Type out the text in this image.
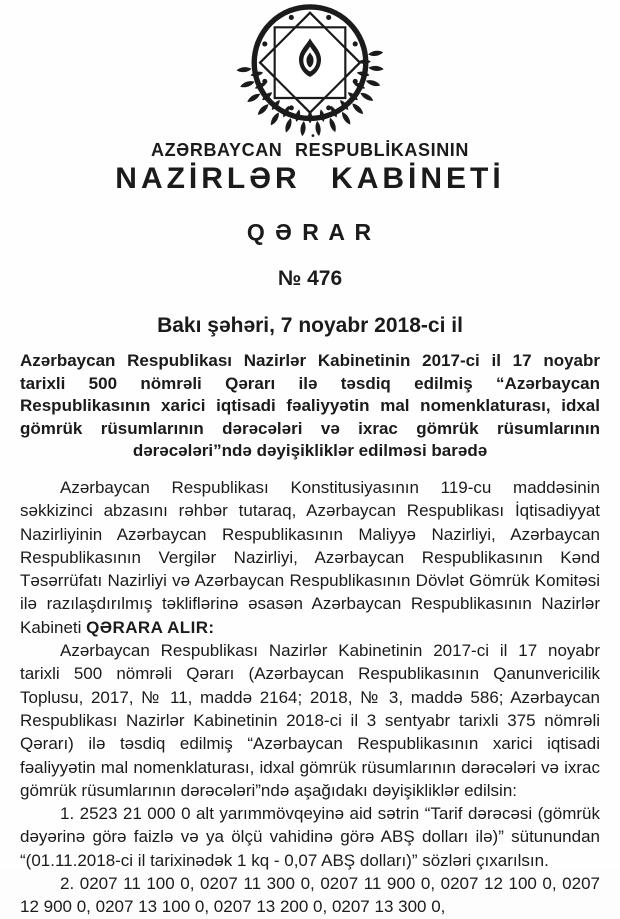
AZƏRBAYCAN RESPUBLİKASININ
NAZİRLƏR KABİNETİ
Q Ə R A R
№ 476
Bakı şəhəri, 7 noyabr 2018-ci il
Azərbaycan Respublikası Nazirlər Kabinetinin 2017-ci il 17 noyabr tarixli 500 nömrəli Qərarı ilə təsdiq edilmiş “Azərbaycan Respublikasının xarici iqtisadi fəaliyyətin mal nomenklaturası, idxal gömrük rüsumlarının dərəcələri və ixrac gömrük rüsumlarının dərəcələri”ndə dəyişikliklər edilməsi barədə

Azərbaycan Respublikası Konstitusiyasının 119-cu maddəsinin səkkizinci abzasını rəhbər tutaraq, Azərbaycan Respublikası İqtisadiyyat Nazirliyinin Azərbaycan Respublikasının Maliyyə Nazirliyi, Azərbaycan Respublikasının Vergilər Nazirliyi, Azərbaycan Respublikasının Kənd Təsərrüfatı Nazirliyi və Azərbaycan Respublikasının Dövlət Gömrük Komitəsi ilə razılaşdırılmış təkliflərinə əsasən Azərbaycan Respublikasının Nazirlər Kabineti QƏRARA ALIR:

Azərbaycan Respublikası Nazirlər Kabinetinin 2017-ci il 17 noyabr tarixli 500 nömrəli Qərarı (Azərbaycan Respublikasının Qanunvericilik Toplusu, 2017, № 11, maddə 2164; 2018, № 3, maddə 586; Azərbaycan Respublikası Nazirlər Kabinetinin 2018-ci il 3 sentyabr tarixli 375 nömrəli Qərarı) ilə təsdiq edilmiş “Azərbaycan Respublikasının xarici iqtisadi fəaliyyətin mal nomenklaturası, idxal gömrük rüsumlarının dərəcələri və ixrac gömrük rüsumlarının dərəcələri”ndə aşağıdakı dəyişikliklər edilsin:

1. 2523 21 000 0 alt yarımmövqeyinə aid sətrin “Tarif dərəcəsi (gömrük dəyərinə görə faizlə və ya ölçü vahidinə görə ABŞ dolları ilə)” sütunundan “(01.11.2018-ci il tarixinədək 1 kq - 0,07 ABŞ dolları)” sözləri çıxarılsın.

2. 0207 11 100 0, 0207 11 300 0, 0207 11 900 0, 0207 12 100 0, 0207 12 900 0, 0207 13 100 0, 0207 13 200 0, 0207 13 300 0,
